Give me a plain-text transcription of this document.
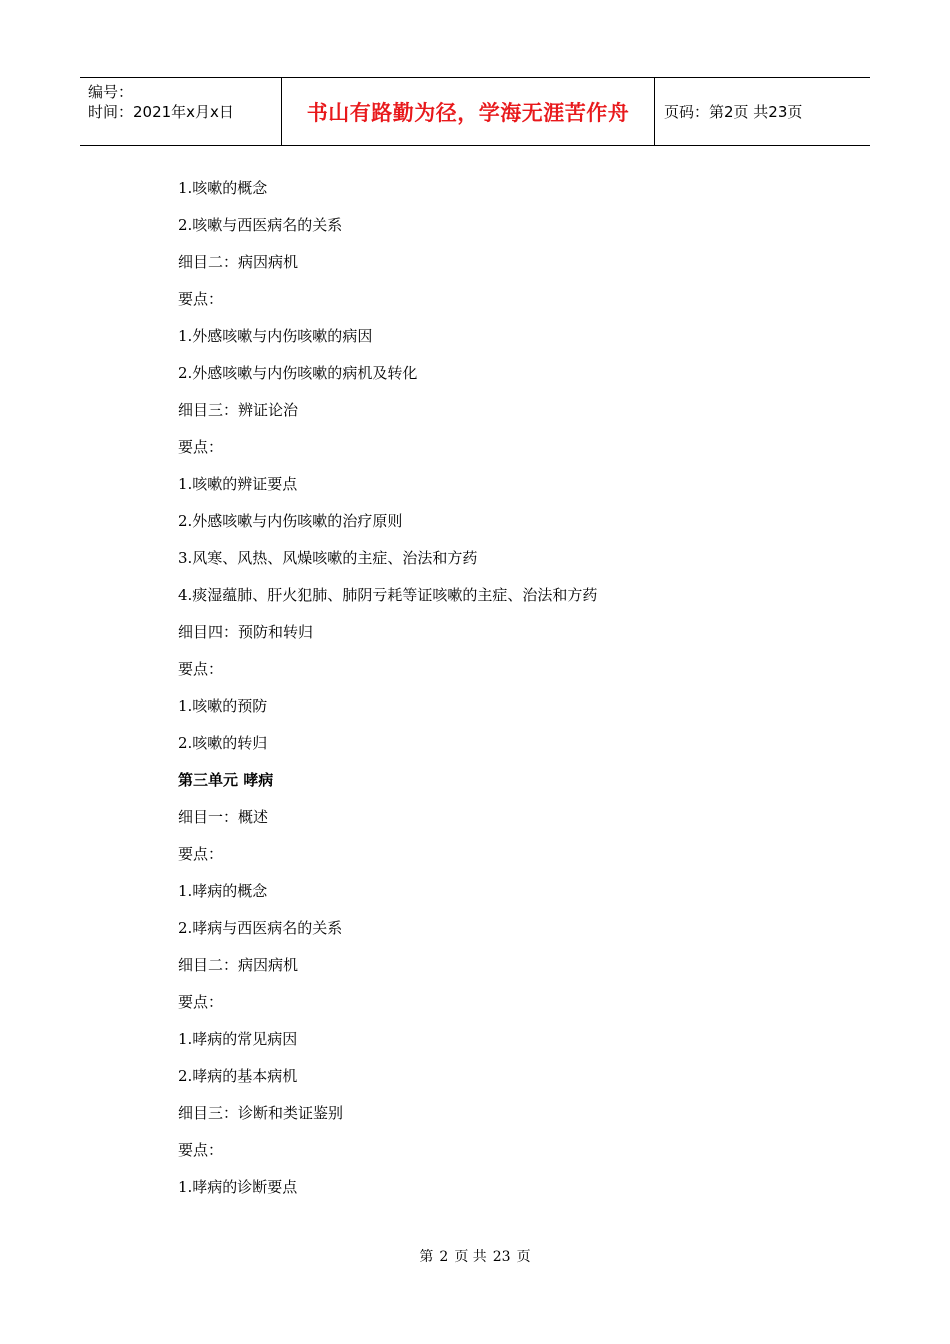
编号：
时间：2021年x月x日	书山有路勤为径，学海无涯苦作舟	页码：第2页 共23页
1.咳嗽的概念
2.咳嗽与西医病名的关系
细目二：病因病机
要点：
1.外感咳嗽与内伤咳嗽的病因
2.外感咳嗽与内伤咳嗽的病机及转化
细目三：辨证论治
要点：
1.咳嗽的辨证要点
2.外感咳嗽与内伤咳嗽的治疗原则
3.风寒、风热、风燥咳嗽的主症、治法和方药
4.痰湿蕴肺、肝火犯肺、肺阴亏耗等证咳嗽的主症、治法和方药
细目四：预防和转归
要点：
1.咳嗽的预防
2.咳嗽的转归
第三单元 哮病
细目一：概述
要点：
1.哮病的概念
2.哮病与西医病名的关系
细目二：病因病机
要点：
1.哮病的常见病因
2.哮病的基本病机
细目三：诊断和类证鉴别
要点：
1.哮病的诊断要点
第 2 页 共 23 页
